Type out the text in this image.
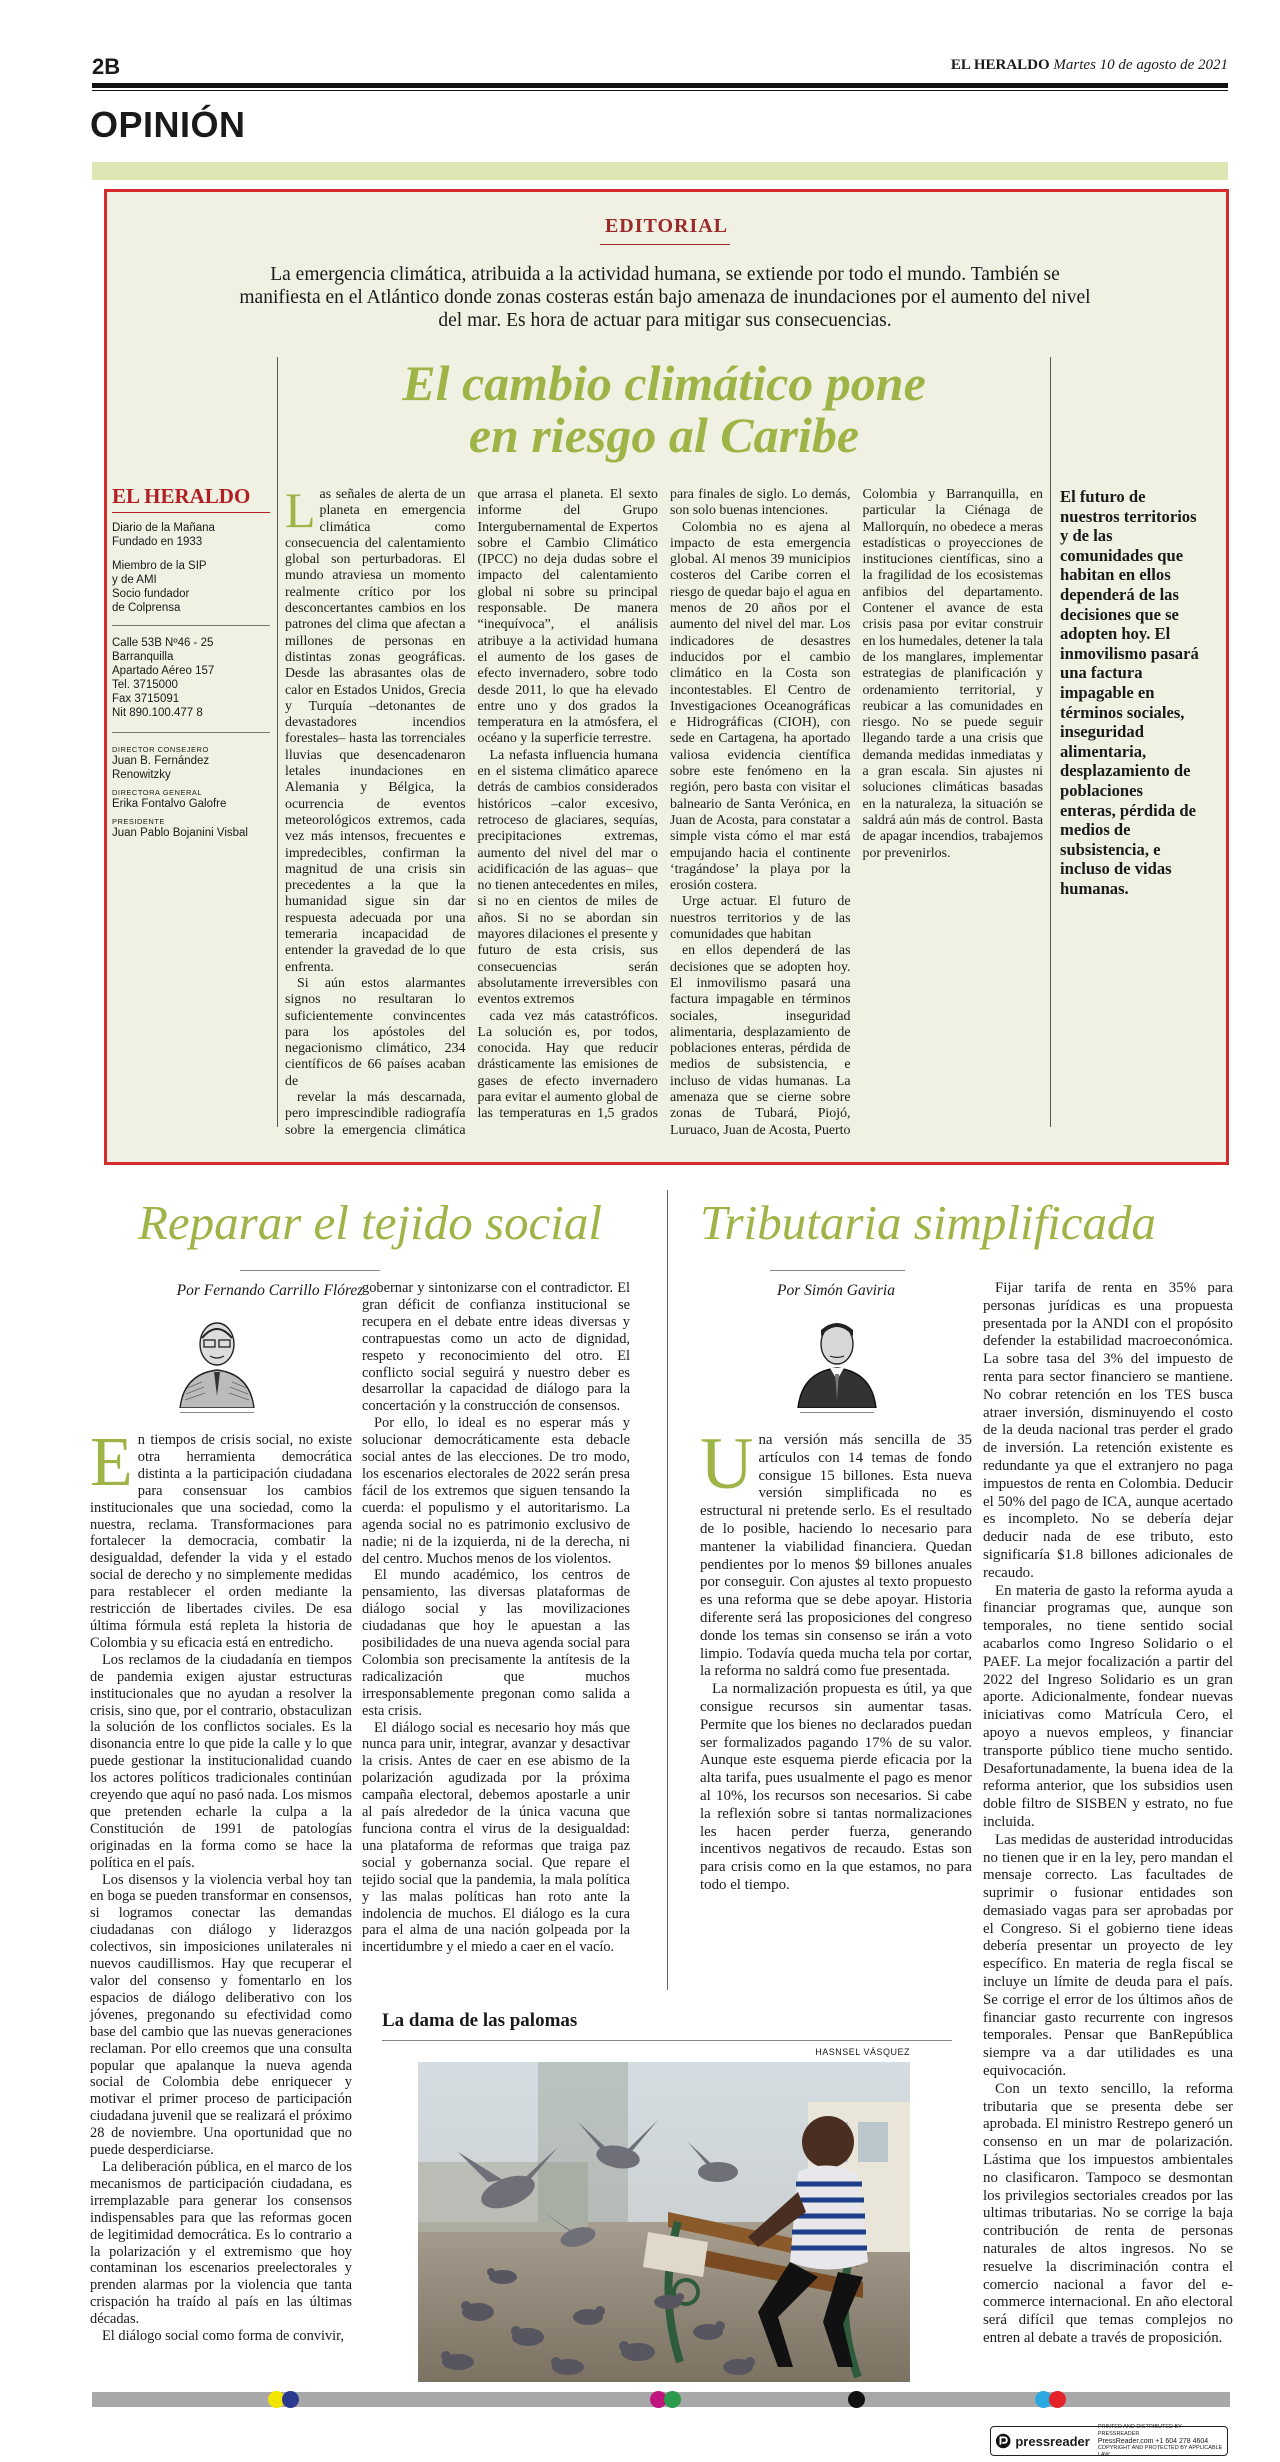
2B	EL HERALDO Martes 10 de agosto de 2021
OPINIÓN
EDITORIAL
La emergencia climática, atribuida a la actividad humana, se extiende por todo el mundo. También se manifiesta en el Atlántico donde zonas costeras están bajo amenaza de inundaciones por el aumento del nivel del mar. Es hora de actuar para mitigar sus consecuencias.
El cambio climático pone
en riesgo al Caribe
EL HERALDO
Diario de la Mañana
Fundado en 1933
Miembro de la SIP
y de AMI
Socio fundador
de Colprensa
Calle 53B Nº46 - 25
Barranquilla
Apartado Aéreo 157
Tel. 3715000
Fax 3715091
Nit 890.100.477 8
DIRECTOR CONSEJERO
Juan B. Fernández Renowitzky
DIRECTORA GENERAL
Erika Fontalvo Galofre
PRESIDENTE
Juan Pablo Bojanini Visbal
L as señales de alerta de un planeta en emergencia climática como consecuencia del calentamiento global son perturbadoras. El mundo atraviesa un momento realmente crítico por los desconcertantes cambios en los patrones del clima que afectan a millones de personas en distintas zonas geográficas. Desde las abrasantes olas de calor en Estados Unidos, Grecia y Turquía –detonantes de devastadores incendios forestales– hasta las torrenciales lluvias que desencadenaron letales inundaciones en Alemania y Bélgica, la ocurrencia de eventos meteorológicos extremos, cada vez más intensos, frecuentes e impredecibles, confirman la magnitud de una crisis sin precedentes a la que la humanidad sigue sin dar respuesta adecuada por una temeraria incapacidad de entender la gravedad de lo que enfrenta.

Si aún estos alarmantes signos no resultaran lo suficientemente convincentes para los apóstoles del negacionismo climático, 234 científicos de 66 países acaban de

revelar la más descarnada, pero imprescindible radiografía sobre la emergencia climática que arrasa el planeta. El sexto informe del Grupo Intergubernamental de Expertos sobre el Cambio Climático (IPCC) no deja dudas sobre el impacto del calentamiento global ni sobre su principal responsable. De manera “inequívoca”, el análisis atribuye a la actividad humana el aumento de los gases de efecto invernadero, sobre todo desde 2011, lo que ha elevado entre uno y dos grados la temperatura en la atmósfera, el océano y la superficie terrestre.

La nefasta influencia humana en el sistema climático aparece detrás de cambios considerados históricos –calor excesivo, retroceso de glaciares, sequías, precipitaciones extremas, aumento del nivel del mar o acidificación de las aguas– que no tienen antecedentes en miles, si no en cientos de miles de años. Si no se abordan sin mayores dilaciones el presente y futuro de esta crisis, sus consecuencias serán absolutamente irreversibles con eventos extremos

cada vez más catastróficos. La solución es, por todos, conocida. Hay que reducir drásticamente las emisiones de gases de efecto invernadero para evitar el aumento global de las temperaturas en 1,5 grados para finales de siglo. Lo demás, son solo buenas intenciones.

Colombia no es ajena al impacto de esta emergencia global. Al menos 39 municipios costeros del Caribe corren el riesgo de quedar bajo el agua en menos de 20 años por el aumento del nivel del mar. Los indicadores de desastres inducidos por el cambio climático en la Costa son incontestables. El Centro de Investigaciones Oceanográficas e Hidrográficas (CIOH), con sede en Cartagena, ha aportado valiosa evidencia científica sobre este fenómeno en la región, pero basta con visitar el balneario de Santa Verónica, en Juan de Acosta, para constatar a simple vista cómo el mar está empujando hacia el continente ‘tragándose’ la playa por la erosión costera.

Urge actuar. El futuro de nuestros territorios y de las comunidades que habitan

en ellos dependerá de las decisiones que se adopten hoy. El inmovilismo pasará una factura impagable en términos sociales, inseguridad alimentaria, desplazamiento de poblaciones enteras, pérdida de medios de subsistencia, e incluso de vidas humanas. La amenaza que se cierne sobre zonas de Tubará, Piojó, Luruaco, Juan de Acosta, Puerto Colombia y Barranquilla, en particular la Ciénaga de Mallorquín, no obedece a meras estadísticas o proyecciones de instituciones científicas, sino a la fragilidad de los ecosistemas anfibios del departamento. Contener el avance de esta crisis pasa por evitar construir en los humedales, detener la tala de los manglares, implementar estrategias de planificación y ordenamiento territorial, y reubicar a las comunidades en riesgo. No se puede seguir llegando tarde a una crisis que demanda medidas inmediatas y a gran escala. Sin ajustes ni soluciones climáticas basadas en la naturaleza, la situación se saldrá aún más de control. Basta de apagar incendios, trabajemos por prevenirlos.

El futuro de nuestros territorios y de las comunidades que habitan en ellos dependerá de las decisiones que se adopten hoy. El inmovilismo pasará una factura impagable en términos sociales, inseguridad alimentaria, desplazamiento de poblaciones enteras, pérdida de medios de subsistencia, e incluso de vidas humanas.
Reparar el tejido social
Por Fernando Carrillo Flórez
E n tiempos de crisis social, no existe otra herramienta democrática distinta a la participación ciudadana para consensuar los cambios institucionales que una sociedad, como la nuestra, reclama. Transformaciones para fortalecer la democracia, combatir la desigualdad, defender la vida y el estado social de derecho y no simplemente medidas para restablecer el orden mediante la restricción de libertades civiles. De esa última fórmula está repleta la historia de Colombia y su eficacia está en entredicho.

Los reclamos de la ciudadanía en tiempos de pandemia exigen ajustar estructuras institucionales que no ayudan a resolver la crisis, sino que, por el contrario, obstaculizan la solución de los conflictos sociales. Es la disonancia entre lo que pide la calle y lo que puede gestionar la institucionalidad cuando los actores políticos tradicionales continúan creyendo que aquí no pasó nada. Los mismos que pretenden echarle la culpa a la Constitución de 1991 de patologías originadas en la forma como se hace la política en el país.

Los disensos y la violencia verbal hoy tan en boga se pueden transformar en consensos, si logramos conectar las demandas ciudadanas con diálogo y liderazgos colectivos, sin imposiciones unilaterales ni nuevos caudillismos. Hay que recuperar el valor del consenso y fomentarlo en los espacios de diálogo deliberativo con los jóvenes, pregonando su efectividad como base del cambio que las nuevas generaciones reclaman. Por ello creemos que una consulta popular que apalanque la nueva agenda social de Colombia debe enriquecer y motivar el primer proceso de participación ciudadana juvenil que se realizará el próximo 28 de noviembre. Una oportunidad que no puede desperdiciarse.

La deliberación pública, en el marco de los mecanismos de participación ciudadana, es irremplazable para generar los consensos indispensables para que las reformas gocen de legitimidad democrática. Es lo contrario a la polarización y el extremismo que hoy contaminan los escenarios preelectorales y prenden alarmas por la violencia que tanta crispación ha traído al país en las últimas décadas.

El diálogo social como forma de convivir,

gobernar y sintonizarse con el contradictor. El gran déficit de confianza institucional se recupera en el debate entre ideas diversas y contrapuestas como un acto de dignidad, respeto y reconocimiento del otro. El conflicto social seguirá y nuestro deber es desarrollar la capacidad de diálogo para la concertación y la construcción de consensos.

Por ello, lo ideal es no esperar más y solucionar democráticamente esta debacle social antes de las elecciones. De tro modo, los escenarios electorales de 2022 serán presa fácil de los extremos que siguen tensando la cuerda: el populismo y el autoritarismo. La agenda social no es patrimonio exclusivo de nadie; ni de la izquierda, ni de la derecha, ni del centro. Muchos menos de los violentos.

El mundo académico, los centros de pensamiento, las diversas plataformas de diálogo social y las movilizaciones ciudadanas que hoy le apuestan a las posibilidades de una nueva agenda social para Colombia son precisamente la antítesis de la radicalización que muchos irresponsablemente pregonan como salida a esta crisis.

El diálogo social es necesario hoy más que nunca para unir, integrar, avanzar y desactivar la crisis. Antes de caer en ese abismo de la polarización agudizada por la próxima campaña electoral, debemos apostarle a unir al país alrededor de la única vacuna que funciona contra el virus de la desigualdad: una plataforma de reformas que traiga paz social y gobernanza social. Que repare el tejido social que la pandemia, la mala política y las malas políticas han roto ante la indolencia de muchos. El diálogo es la cura para el alma de una nación golpeada por la incertidumbre y el miedo a caer en el vacío.

Tributaria simplificada
Por Simón Gaviria
U na versión más sencilla de 35 artículos con 14 temas de fondo consigue 15 billones. Esta nueva versión simplificada no es estructural ni pretende serlo. Es el resultado de lo posible, haciendo lo necesario para mantener la viabilidad financiera. Quedan pendientes por lo menos $9 billones anuales por conseguir. Con ajustes al texto propuesto es una reforma que se debe apoyar. Historia diferente será las proposiciones del congreso donde los temas sin consenso se irán a voto limpio. Todavía queda mucha tela por cortar, la reforma no saldrá como fue presentada.

La normalización propuesta es útil, ya que consigue recursos sin aumentar tasas. Permite que los bienes no declarados puedan ser formalizados pagando 17% de su valor. Aunque este esquema pierde eficacia por la alta tarifa, pues usualmente el pago es menor al 10%, los recursos son necesarios. Si cabe la reflexión sobre si tantas normalizaciones les hacen perder fuerza, generando incentivos negativos de recaudo. Estas son para crisis como en la que estamos, no para todo el tiempo.

Fijar tarifa de renta en 35% para personas jurídicas es una propuesta presentada por la ANDI con el propósito defender la estabilidad macroeconómica. La sobre tasa del 3% del impuesto de renta para sector financiero se mantiene. No cobrar retención en los TES busca atraer inversión, disminuyendo el costo de la deuda nacional tras perder el grado de inversión. La retención existente es redundante ya que el extranjero no paga impuestos de renta en Colombia. Deducir el 50% del pago de ICA, aunque acertado es incompleto. No se debería dejar deducir nada de ese tributo, esto significaría $1.8 billones adicionales de recaudo.

En materia de gasto la reforma ayuda a financiar programas que, aunque son temporales, no tiene sentido social acabarlos como Ingreso Solidario o el PAEF. La mejor focalización a partir del 2022 del Ingreso Solidario es un gran aporte. Adicionalmente, fondear nuevas iniciativas como Matrícula Cero, el apoyo a nuevos empleos, y financiar transporte público tiene mucho sentido. Desafortunadamente, la buena idea de la reforma anterior, que los subsidios usen doble filtro de SISBEN y estrato, no fue incluida.

Las medidas de austeridad introducidas no tienen que ir en la ley, pero mandan el mensaje correcto. Las facultades de suprimir o fusionar entidades son demasiado vagas para ser aprobadas por el Congreso. Si el gobierno tiene ideas debería presentar un proyecto de ley específico. En materia de regla fiscal se incluye un límite de deuda para el país. Se corrige el error de los últimos años de financiar gasto recurrente con ingresos temporales. Pensar que BanRepública siempre va a dar utilidades es una equivocación.

Con un texto sencillo, la reforma tributaria que se presenta debe ser aprobada. El ministro Restrepo generó un consenso en un mar de polarización. Lástima que los impuestos ambientales no clasificaron. Tampoco se desmontan los privilegios sectoriales creados por las ultimas tributarias. No se corrige la baja contribución de renta de personas naturales de altos ingresos. No se resuelve la discriminación contra el comercio nacional a favor del e-commerce internacional. En año electoral será difícil que temas complejos no entren al debate a través de proposición.

La dama de las palomas
HASNSEL VÁSQUEZ
pressreader
PRINTED AND DISTRIBUTED BY PRESSREADER
PressReader.com +1 604 278 4604
COPYRIGHT AND PROTECTED BY APPLICABLE LAW
